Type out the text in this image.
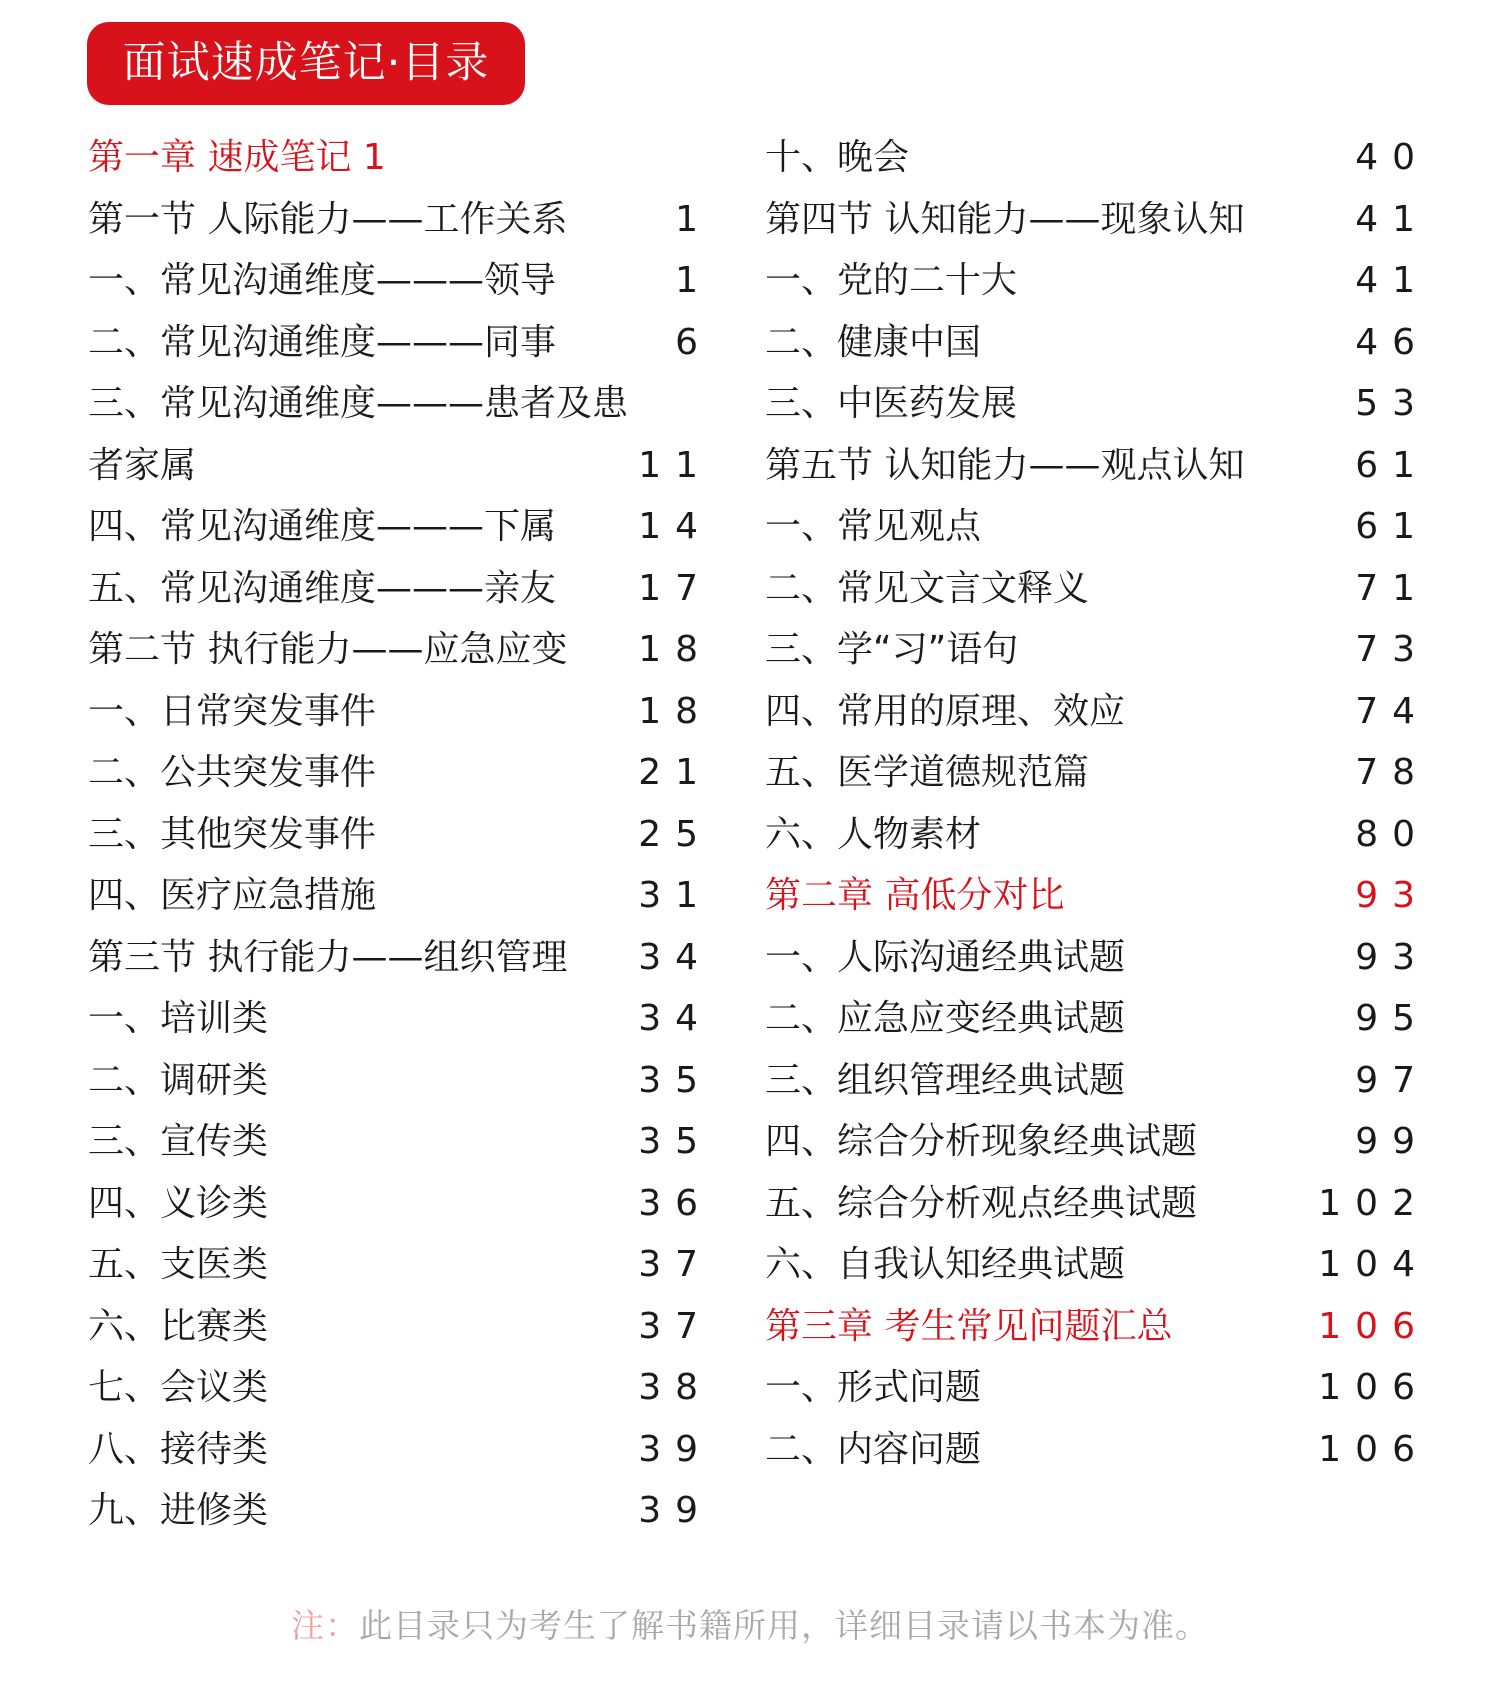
面试速成笔记·目录
第一章 速成笔记 1
第一节 人际能力——工作关系	1
一、常见沟通维度———领导	1
二、常见沟通维度———同事	6
三、常见沟通维度———患者及患
者家属	11
四、常见沟通维度———下属 14
五、常见沟通维度———亲友 17
第二节 执行能力——应急应变 18
一、日常突发事件	18
二、公共突发事件	21
三、其他突发事件	25
四、医疗应急措施	31
第三节 执行能力——组织管理 34
一、培训类	34
二、调研类	35
三、宣传类	35
四、义诊类	36
五、支医类	37
六、比赛类	37
七、会议类	38
八、接待类	39
九、进修类	39
十、晚会	40
第四节 认知能力——现象认知	41
一、党的二十大	41
二、健康中国	46
三、中医药发展	53
第五节 认知能力——观点认知	61
一、常见观点	61
二、常见文言文释义	71
三、学“习”语句	73
四、常用的原理、效应	74
五、医学道德规范篇	78
六、人物素材	80
第二章 高低分对比	93
一、人际沟通经典试题	93
二、应急应变经典试题	95
三、组织管理经典试题	97
四、综合分析现象经典试题	99
五、综合分析观点经典试题	102
六、自我认知经典试题	104
第三章 考生常见问题汇总	106
一、形式问题	106
二、内容问题	106
注：此目录只为考生了解书籍所用，详细目录请以书本为准。
